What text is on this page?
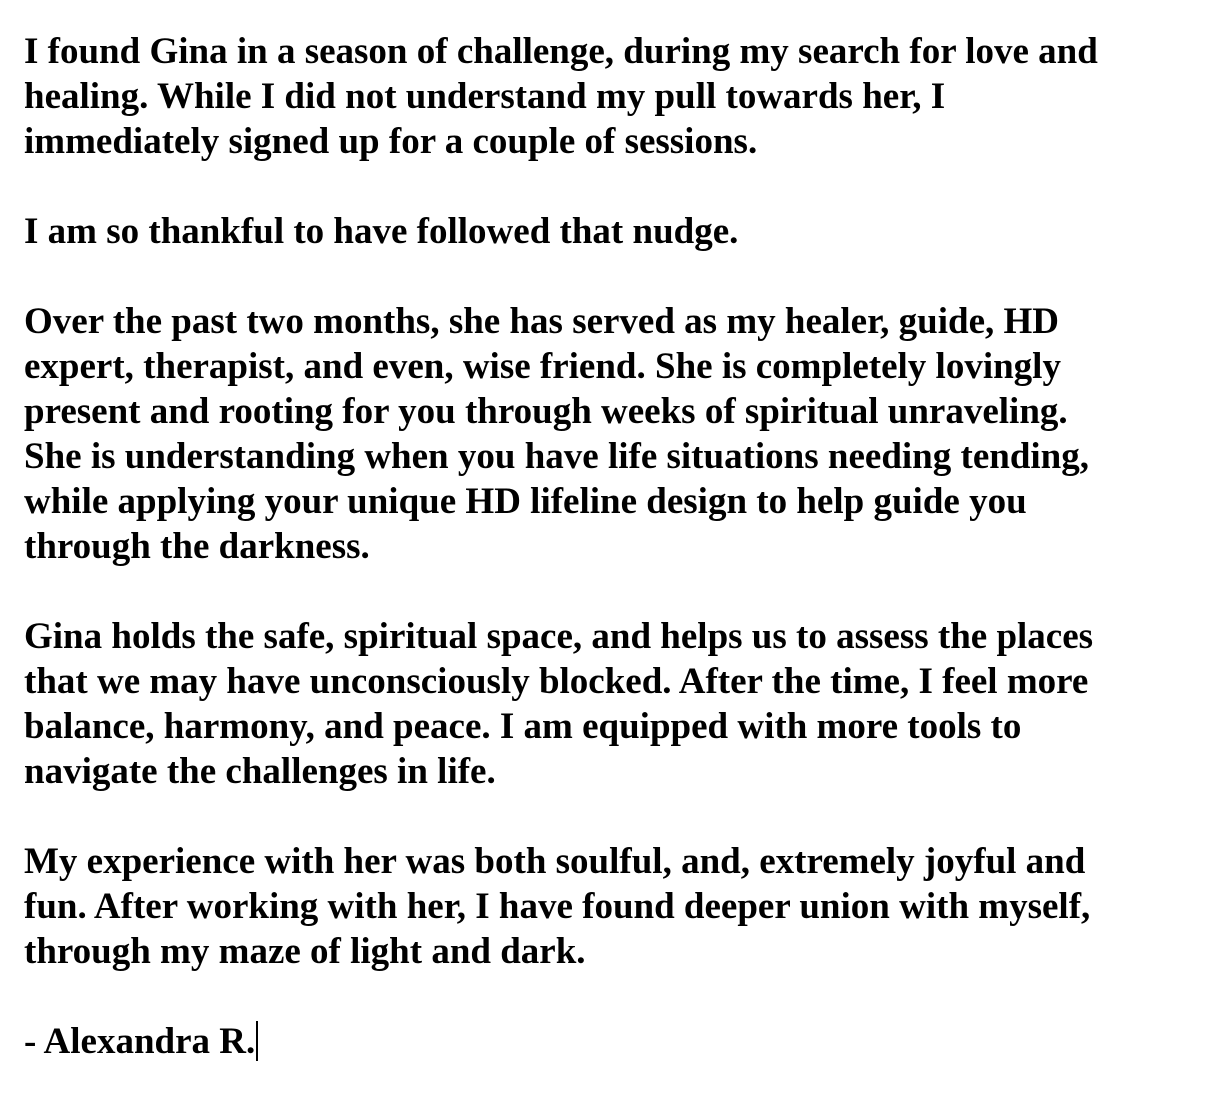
I found Gina in a season of challenge, during my search for love and
healing. While I did not understand my pull towards her, I
immediately signed up for a couple of sessions.

I am so thankful to have followed that nudge.

Over the past two months, she has served as my healer, guide, HD
expert, therapist, and even, wise friend. She is completely lovingly
present and rooting for you through weeks of spiritual unraveling.
She is understanding when you have life situations needing tending,
while applying your unique HD lifeline design to help guide you
through the darkness.

Gina holds the safe, spiritual space, and helps us to assess the places
that we may have unconsciously blocked. After the time, I feel more
balance, harmony, and peace. I am equipped with more tools to
navigate the challenges in life.

My experience with her was both soulful, and, extremely joyful and
fun. After working with her, I have found deeper union with myself,
through my maze of light and dark.

- Alexandra R.
